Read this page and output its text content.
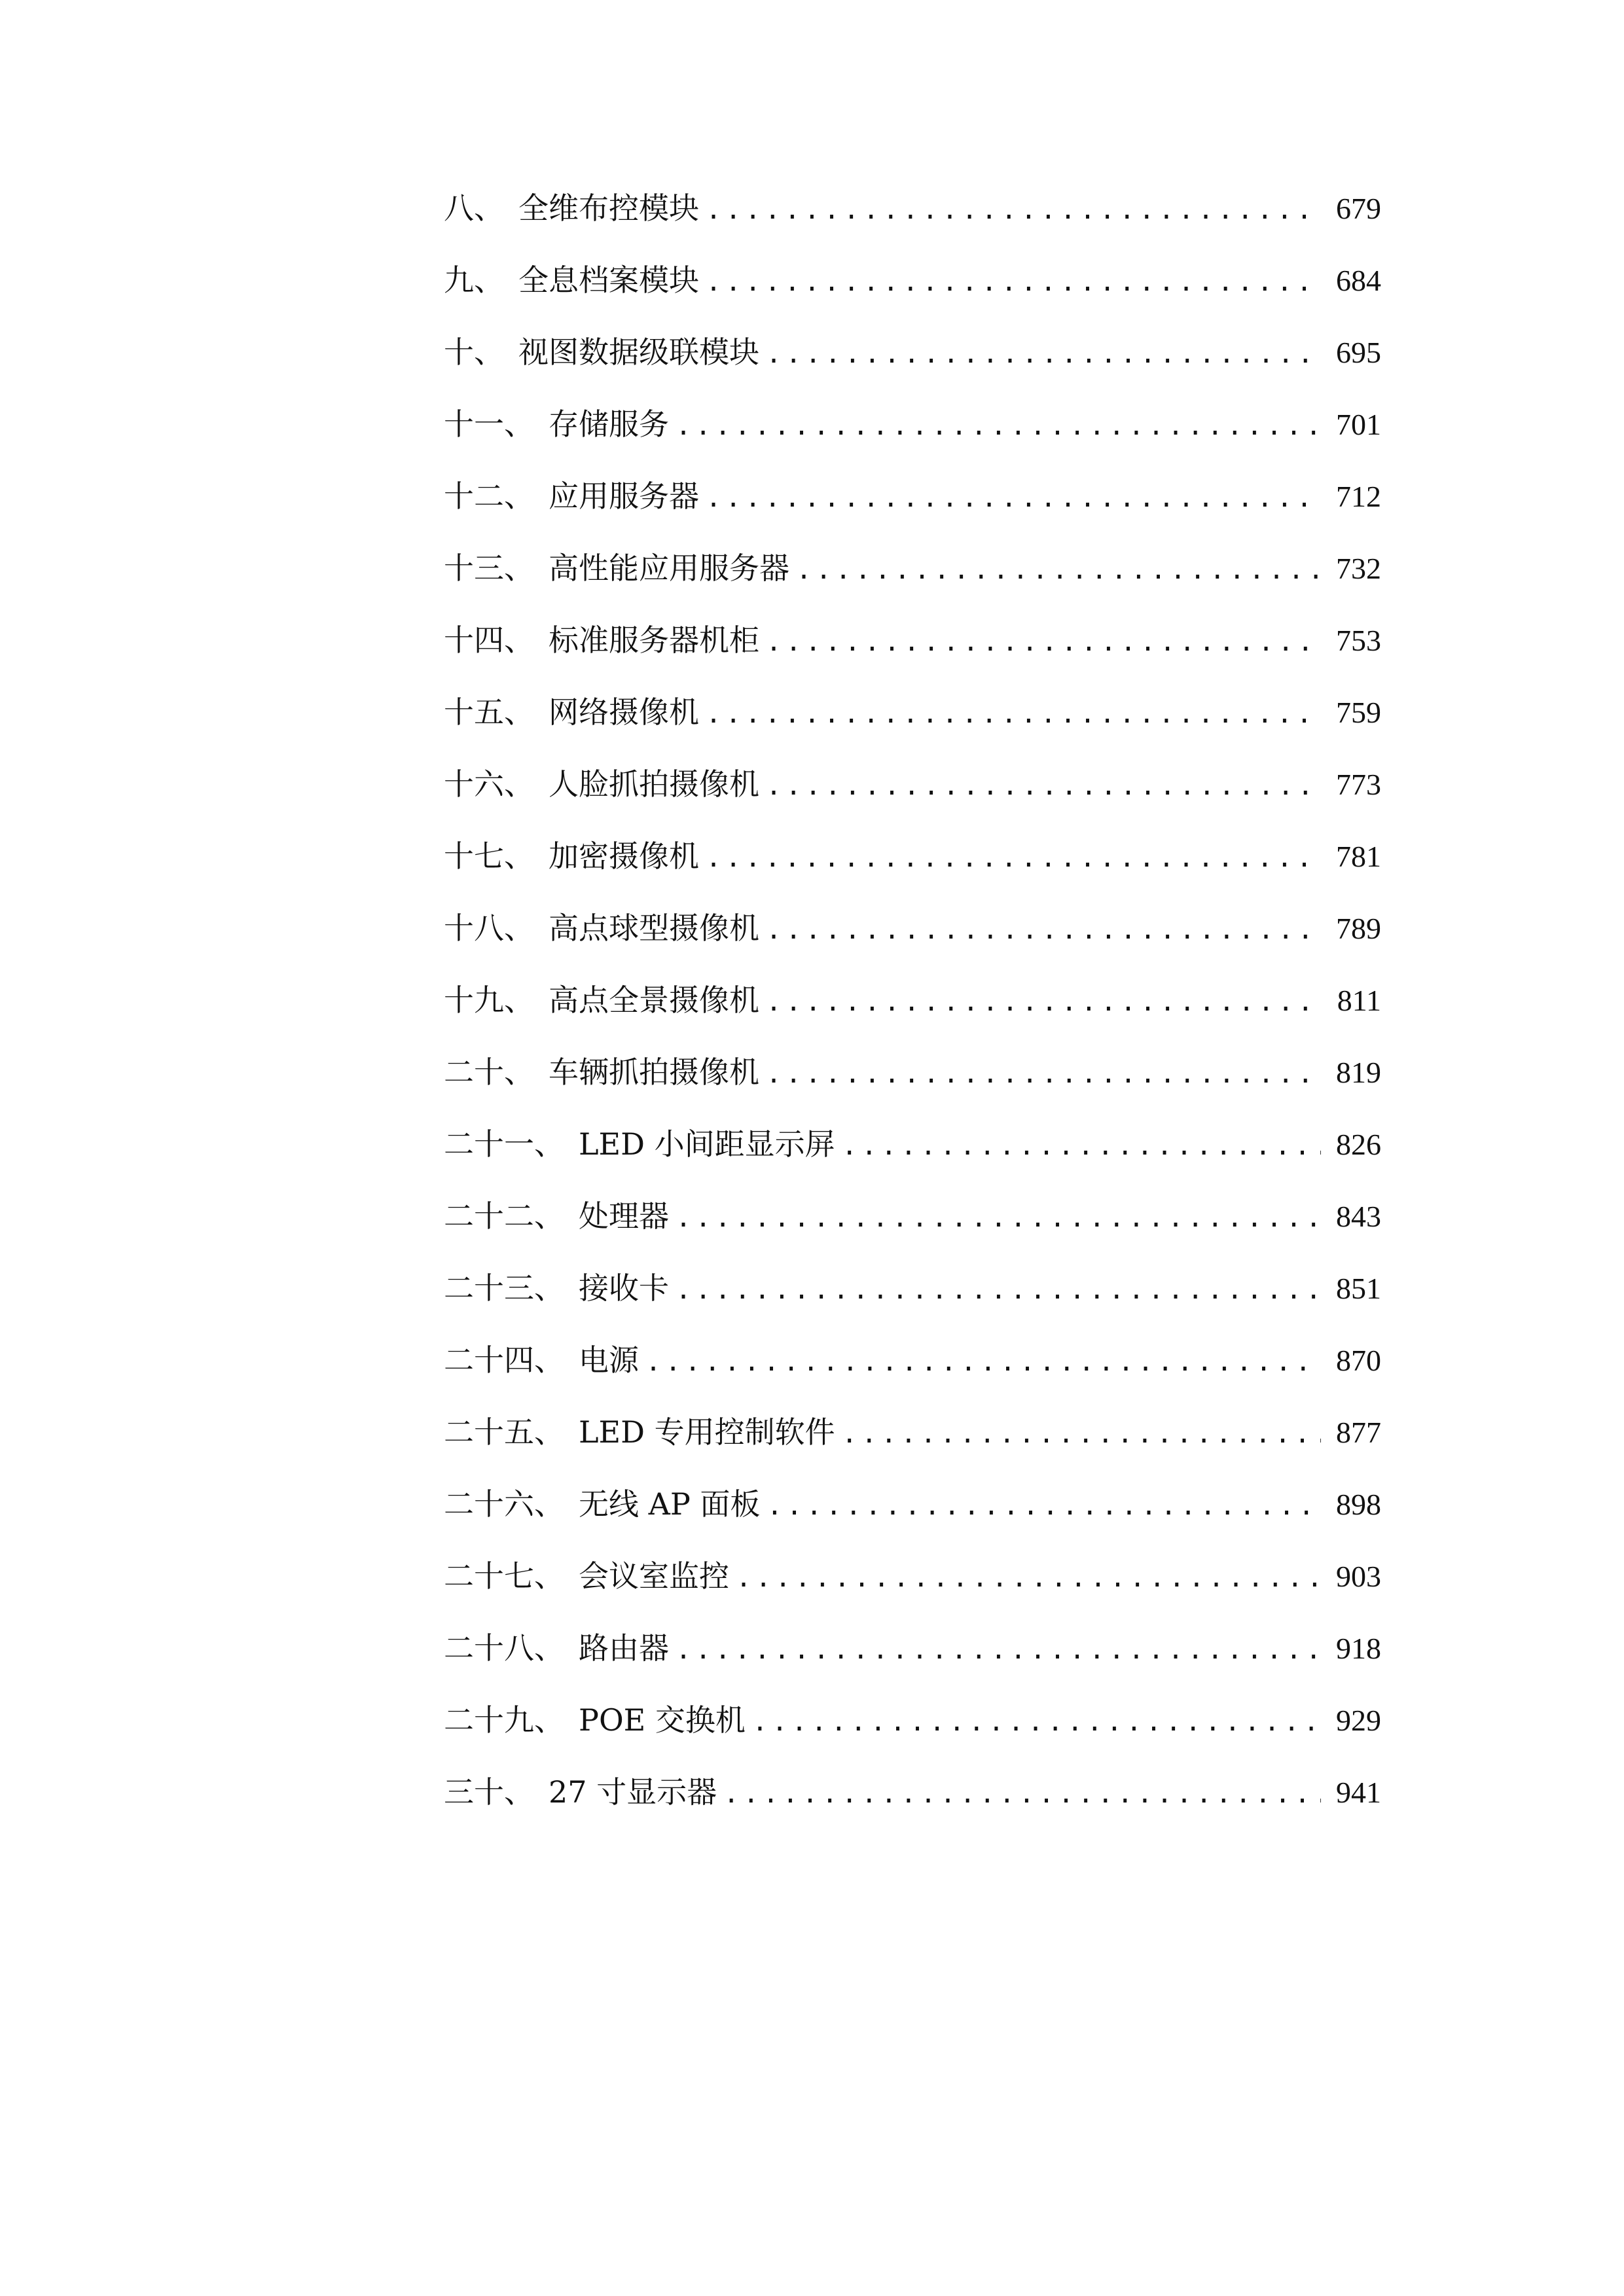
八、 全维布控模块 .....	679
九、 全息档案模块 .....	684
十、 视图数据级联模块 .....	695
十一、 存储服务 .....	701
十二、 应用服务器 .....	712
十三、 高性能应用服务器 .....	732
十四、 标准服务器机柜 .....	753
十五、 网络摄像机 .....	759
十六、 人脸抓拍摄像机 .....	773
十七、 加密摄像机 .....	781
十八、 高点球型摄像机 .....	789
十九、 高点全景摄像机 .....	811
二十、 车辆抓拍摄像机 .....	819
二十一、 LED 小间距显示屏 .....	826
二十二、 处理器 .....	843
二十三、 接收卡 .....	851
二十四、 电源 .....	870
二十五、 LED 专用控制软件 .....	877
二十六、 无线 AP 面板 .....	898
二十七、 会议室监控 .....	903
二十八、 路由器 .....	918
二十九、 POE 交换机 .....	929
三十、 27 寸显示器 .....	941
